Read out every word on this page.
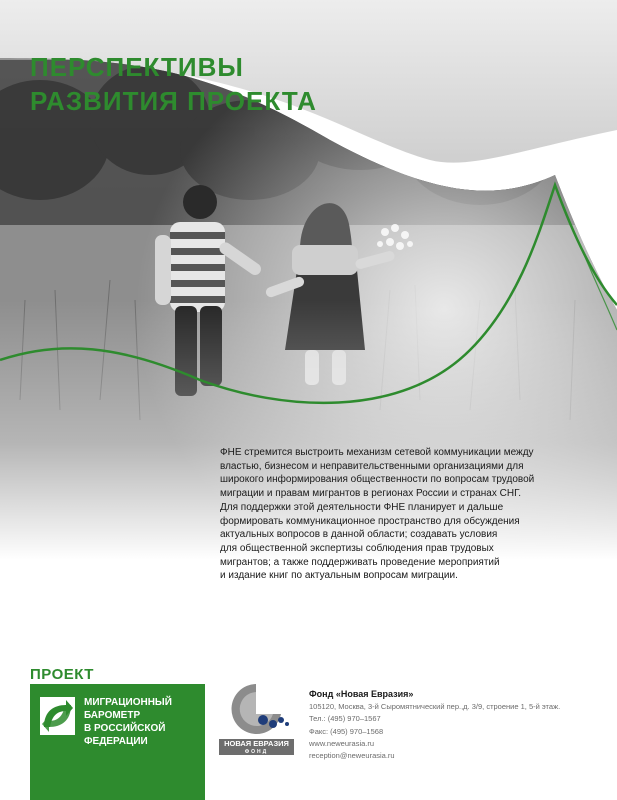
ПЕРСПЕКТИВЫ
РАЗВИТИЯ ПРОЕКТА

ФНЕ стремится выстроить механизм сетевой коммуникации между
властью, бизнесом и неправительственными организациями для
широкого информирования общественности по вопросам трудовой
миграции и правам мигрантов в регионах России и странах СНГ.
Для поддержки этой деятельности ФНЕ планирует и дальше
формировать коммуникационное пространство для обсуждения
актуальных вопросов в данной области; создавать условия
для общественной экспертизы соблюдения прав трудовых
мигрантов; а также поддерживать проведение мероприятий
и издание книг по актуальным вопросам миграции.

ПРОЕКТ
МИГРАЦИОННЫЙ
БАРОМЕТР
В РОССИЙСКОЙ
ФЕДЕРАЦИИ	НОВАЯ ЕВРАЗИЯ
ФОНД
Фонд «Новая Евразия»
105120, Москва, 3-й Сыромятнический пер.,д. 3/9, строение 1, 5-й этаж.
Тел.: (495) 970–1567
Факс: (495) 970–1568
www.neweurasia.ru
reception@neweurasia.ru
